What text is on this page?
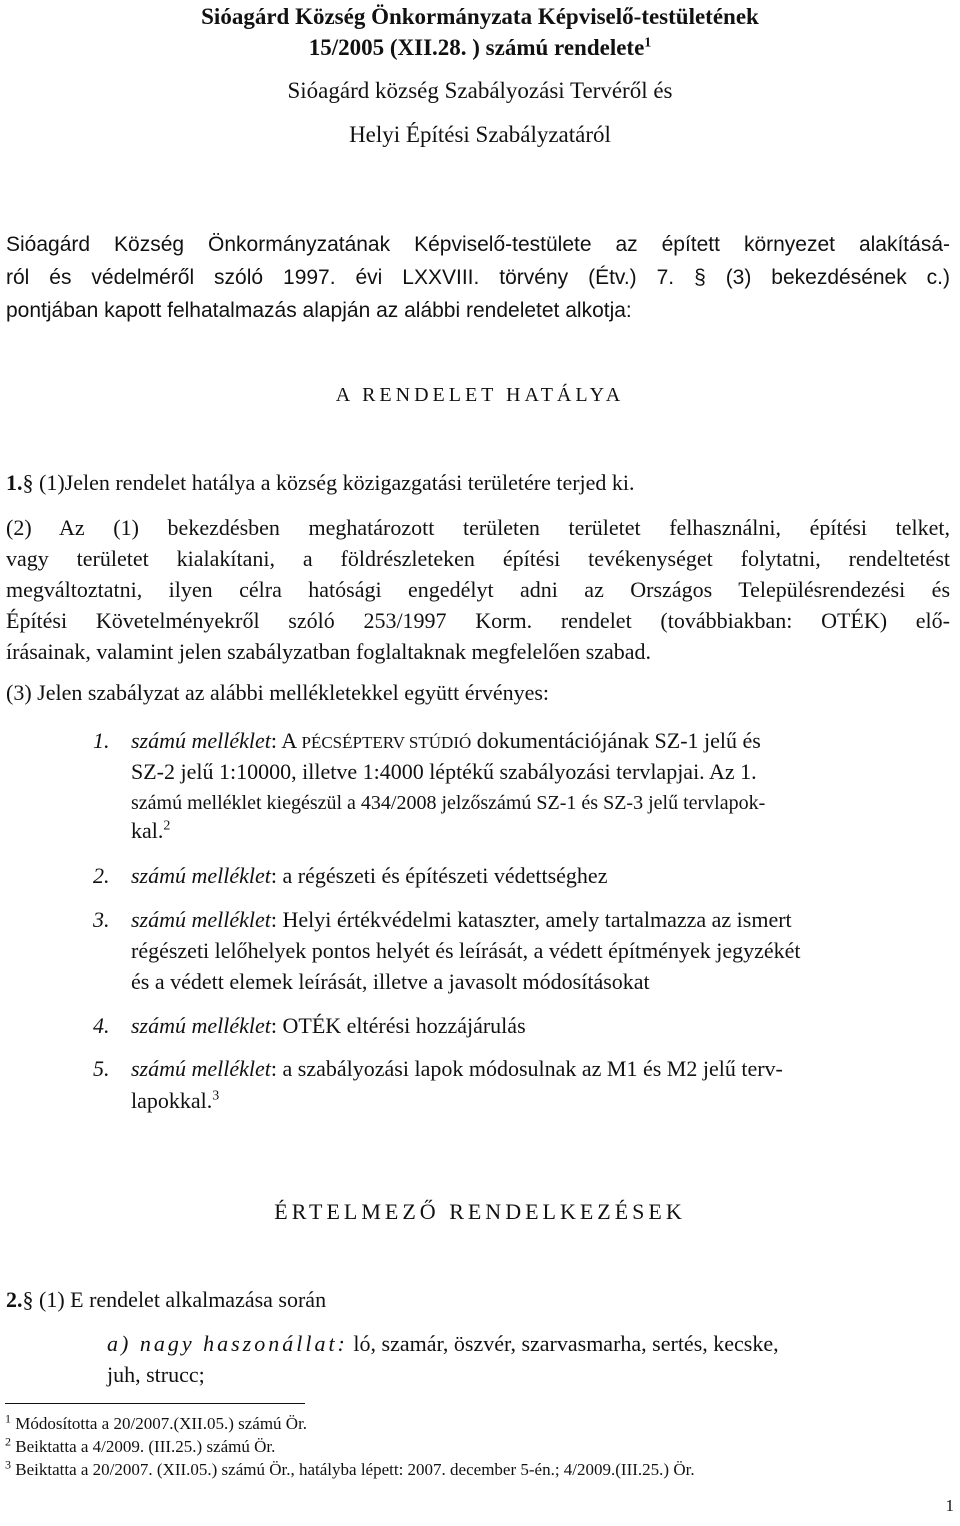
Sióagárd Község Önkormányzata Képviselő-testületének
15/2005 (XII.28. ) számú rendelete$^1$
Sióagárd község Szabályozási Tervéről és
Helyi Építési Szabályzatáról
Sióagárd Község Önkormányzatának Képviselő-testülete az épített környezet alakításá-
ról és védelméről szóló 1997. évi LXXVIII. törvény (Étv.) 7. § (3) bekezdésének c.)
pontjában kapott felhatalmazás alapján az alábbi rendeletet alkotja:
A RENDELET HATÁLYA
1.§ (1)Jelen rendelet hatálya a község közigazgatási területére terjed ki.
(2) Az (1) bekezdésben meghatározott területen területet felhasználni, építési telket,
vagy területet kialakítani, a földrészleteken építési tevékenységet folytatni, rendeltetést
megváltoztatni, ilyen célra hatósági engedélyt adni az Országos Településrendezési és
Építési Követelményekről szóló 253/1997 Korm. rendelet (továbbiakban: OTÉK) elő-
írásainak, valamint jelen szabályzatban foglaltaknak megfelelően szabad.
(3) Jelen szabályzat az alábbi mellékletekkel együtt érvényes:
1. számú melléklet: A PÉCSÉPTERV STÚDIÓ dokumentációjának SZ-1 jelű és
SZ-2 jelű 1:10000, illetve 1:4000 léptékű szabályozási tervlapjai. Az 1.
számú melléklet kiegészül a 434/2008 jelzőszámú SZ-1 és SZ-3 jelű tervlapok-
kal.$^2$
2. számú melléklet: a régészeti és építészeti védettséghez
3. számú melléklet: Helyi értékvédelmi kataszter, amely tartalmazza az ismert
régészeti lelőhelyek pontos helyét és leírását, a védett építmények jegyzékét
és a védett elemek leírását, illetve a javasolt módosításokat
4. számú melléklet: OTÉK eltérési hozzájárulás
5. számú melléklet: a szabályozási lapok módosulnak az M1 és M2 jelű terv-
lapokkal.$^3$
ÉRTELMEZŐ RENDELKEZÉSEK
2.§ (1) E rendelet alkalmazása során
a) nagy haszonállat: ló, szamár, öszvér, szarvasmarha, sertés, kecske,
juh, strucc;
$^1$ Módosította a 20/2007.(XII.05.) számú Ör.
$^2$ Beiktatta a 4/2009. (III.25.) számú Ör.
$^3$ Beiktatta a 20/2007. (XII.05.) számú Ör., hatályba lépett: 2007. december 5-én.; 4/2009.(III.25.) Ör.
1
